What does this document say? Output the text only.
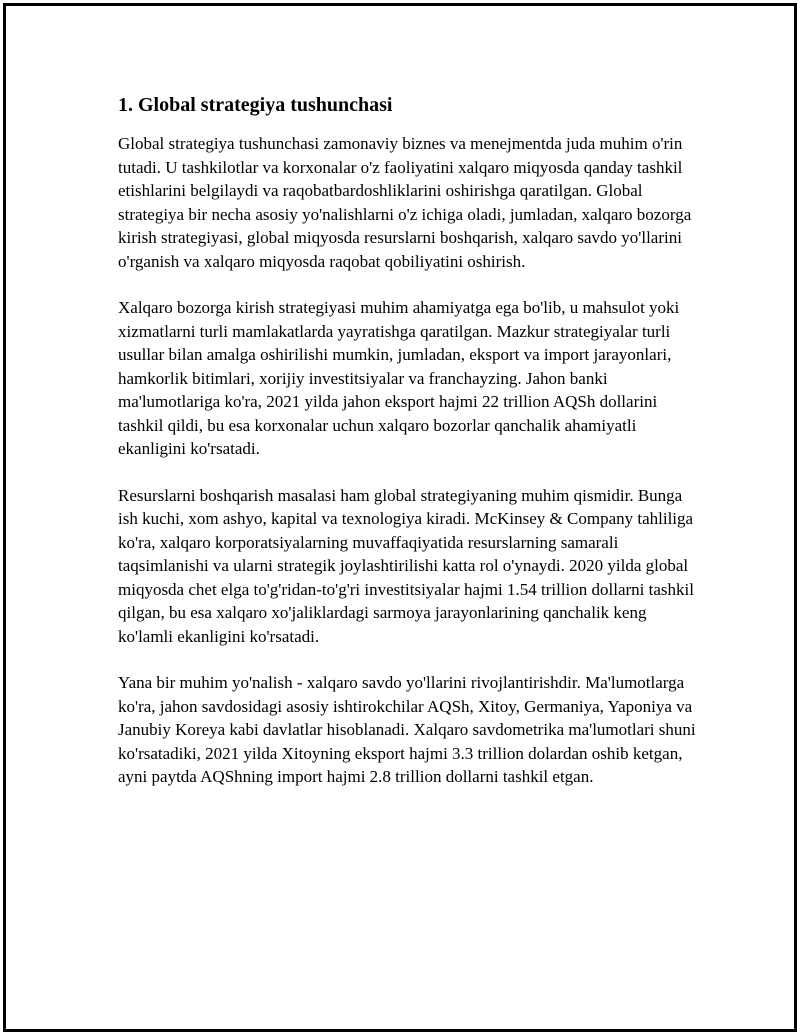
1. Global strategiya tushunchasi

Global strategiya tushunchasi zamonaviy biznes va menejmentda juda muhim o'rin tutadi. U tashkilotlar va korxonalar o'z faoliyatini xalqaro miqyosda qanday tashkil etishlarini belgilaydi va raqobatbardoshliklarini oshirishga qaratilgan. Global strategiya bir necha asosiy yo'nalishlarni o'z ichiga oladi, jumladan, xalqaro bozorga kirish strategiyasi, global miqyosda resurslarni boshqarish, xalqaro savdo yo'llarini o'rganish va xalqaro miqyosda raqobat qobiliyatini oshirish.

Xalqaro bozorga kirish strategiyasi muhim ahamiyatga ega bo'lib, u mahsulot yoki xizmatlarni turli mamlakatlarda yayratishga qaratilgan. Mazkur strategiyalar turli usullar bilan amalga oshirilishi mumkin, jumladan, eksport va import jarayonlari, hamkorlik bitimlari, xorijiy investitsiyalar va franchayzing. Jahon banki ma'lumotlariga ko'ra, 2021 yilda jahon eksport hajmi 22 trillion AQSh dollarini tashkil qildi, bu esa korxonalar uchun xalqaro bozorlar qanchalik ahamiyatli ekanligini ko'rsatadi.

Resurslarni boshqarish masalasi ham global strategiyaning muhim qismidir. Bunga ish kuchi, xom ashyo, kapital va texnologiya kiradi. McKinsey & Company tahliliga ko'ra, xalqaro korporatsiyalarning muvaffaqiyatida resurslarning samarali taqsimlanishi va ularni strategik joylashtirilishi katta rol o'ynaydi. 2020 yilda global miqyosda chet elga to'g'ridan-to'g'ri investitsiyalar hajmi 1.54 trillion dollarni tashkil qilgan, bu esa xalqaro xo'jaliklardagi sarmoya jarayonlarining qanchalik keng ko'lamli ekanligini ko'rsatadi.

Yana bir muhim yo'nalish - xalqaro savdo yo'llarini rivojlantirishdir. Ma'lumotlarga ko'ra, jahon savdosidagi asosiy ishtirokchilar AQSh, Xitoy, Germaniya, Yaponiya va Janubiy Koreya kabi davlatlar hisoblanadi. Xalqaro savdometrika ma'lumotlari shuni ko'rsatadiki, 2021 yilda Xitoyning eksport hajmi 3.3 trillion dolardan oshib ketgan, ayni paytda AQShning import hajmi 2.8 trillion dollarni tashkil etgan.
